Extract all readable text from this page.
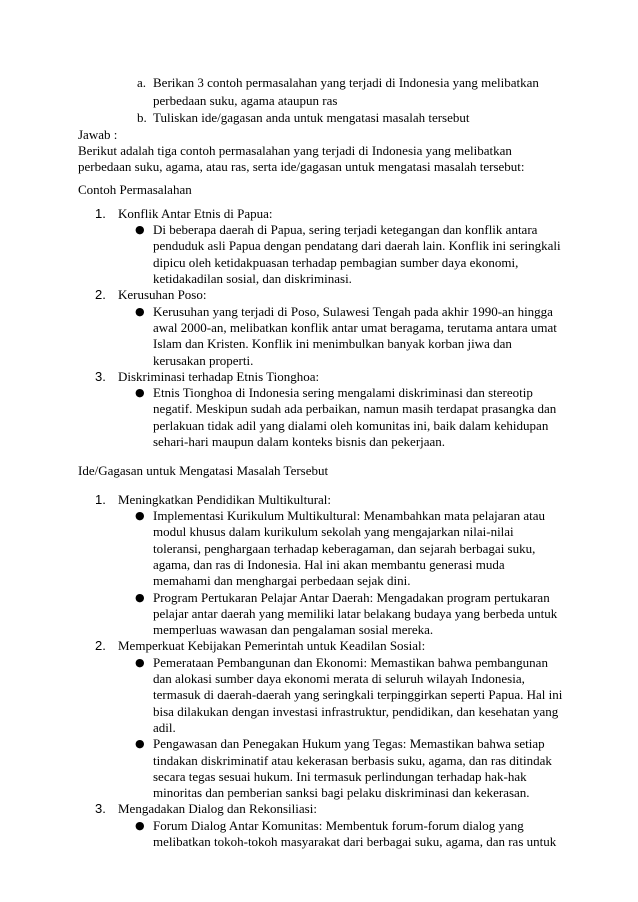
a. Berikan 3 contoh permasalahan yang terjadi di Indonesia yang melibatkan
perbedaan suku, agama ataupun ras
b. Tuliskan ide/gagasan anda untuk mengatasi masalah tersebut
Jawab :
Berikut adalah tiga contoh permasalahan yang terjadi di Indonesia yang melibatkan
perbedaan suku, agama, atau ras, serta ide/gagasan untuk mengatasi masalah tersebut:
Contoh Permasalahan
1. Konflik Antar Etnis di Papua:
● Di beberapa daerah di Papua, sering terjadi ketegangan dan konflik antara
penduduk asli Papua dengan pendatang dari daerah lain. Konflik ini seringkali
dipicu oleh ketidakpuasan terhadap pembagian sumber daya ekonomi,
ketidakadilan sosial, dan diskriminasi.
2. Kerusuhan Poso:
● Kerusuhan yang terjadi di Poso, Sulawesi Tengah pada akhir 1990-an hingga
awal 2000-an, melibatkan konflik antar umat beragama, terutama antara umat
Islam dan Kristen. Konflik ini menimbulkan banyak korban jiwa dan
kerusakan properti.
3. Diskriminasi terhadap Etnis Tionghoa:
● Etnis Tionghoa di Indonesia sering mengalami diskriminasi dan stereotip
negatif. Meskipun sudah ada perbaikan, namun masih terdapat prasangka dan
perlakuan tidak adil yang dialami oleh komunitas ini, baik dalam kehidupan
sehari-hari maupun dalam konteks bisnis dan pekerjaan.
Ide/Gagasan untuk Mengatasi Masalah Tersebut
1. Meningkatkan Pendidikan Multikultural:
● Implementasi Kurikulum Multikultural: Menambahkan mata pelajaran atau
modul khusus dalam kurikulum sekolah yang mengajarkan nilai-nilai
toleransi, penghargaan terhadap keberagaman, dan sejarah berbagai suku,
agama, dan ras di Indonesia. Hal ini akan membantu generasi muda
memahami dan menghargai perbedaan sejak dini.
● Program Pertukaran Pelajar Antar Daerah: Mengadakan program pertukaran
pelajar antar daerah yang memiliki latar belakang budaya yang berbeda untuk
memperluas wawasan dan pengalaman sosial mereka.
2. Memperkuat Kebijakan Pemerintah untuk Keadilan Sosial:
● Pemerataan Pembangunan dan Ekonomi: Memastikan bahwa pembangunan
dan alokasi sumber daya ekonomi merata di seluruh wilayah Indonesia,
termasuk di daerah-daerah yang seringkali terpinggirkan seperti Papua. Hal ini
bisa dilakukan dengan investasi infrastruktur, pendidikan, dan kesehatan yang
adil.
● Pengawasan dan Penegakan Hukum yang Tegas: Memastikan bahwa setiap
tindakan diskriminatif atau kekerasan berbasis suku, agama, dan ras ditindak
secara tegas sesuai hukum. Ini termasuk perlindungan terhadap hak-hak
minoritas dan pemberian sanksi bagi pelaku diskriminasi dan kekerasan.
3. Mengadakan Dialog dan Rekonsiliasi:
● Forum Dialog Antar Komunitas: Membentuk forum-forum dialog yang
melibatkan tokoh-tokoh masyarakat dari berbagai suku, agama, dan ras untuk
